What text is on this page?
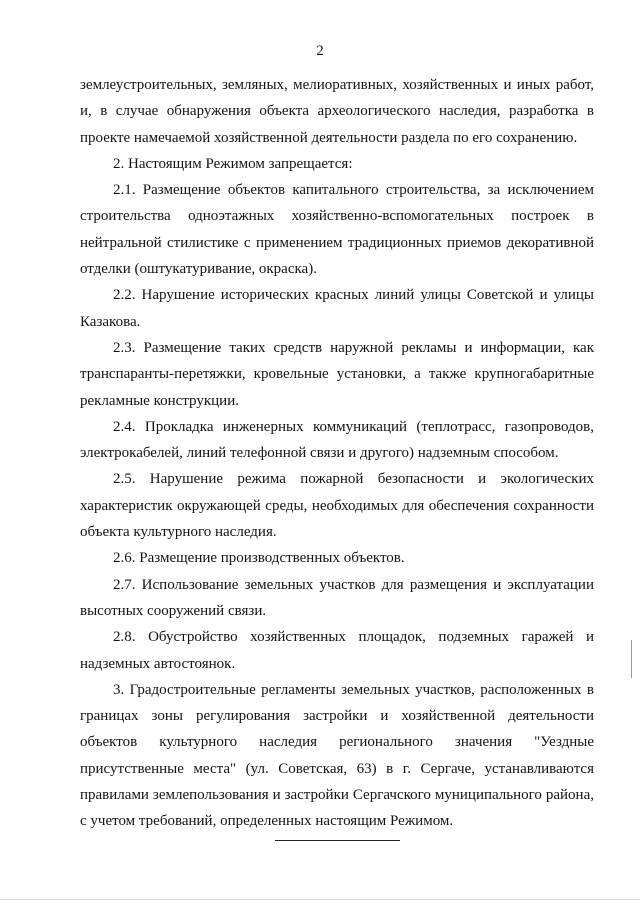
2

землеустроительных, земляных, мелиоративных, хозяйственных и иных работ, и, в случае обнаружения объекта археологического наследия, разработка в проекте намечаемой хозяйственной деятельности раздела по его сохранению.

2. Настоящим Режимом запрещается:

2.1. Размещение объектов капитального строительства, за исключением строительства одноэтажных хозяйственно-вспомогательных построек в нейтральной стилистике с применением традиционных приемов декоративной отделки (оштукатуривание, окраска).

2.2. Нарушение исторических красных линий улицы Советской и улицы Казакова.

2.3. Размещение таких средств наружной рекламы и информации, как транспаранты-перетяжки, кровельные установки, а также крупногабаритные рекламные конструкции.

2.4. Прокладка инженерных коммуникаций (теплотрасс, газопроводов, электрокабелей, линий телефонной связи и другого) надземным способом.

2.5. Нарушение режима пожарной безопасности и экологических характеристик окружающей среды, необходимых для обеспечения сохранности объекта культурного наследия.

2.6. Размещение производственных объектов.

2.7. Использование земельных участков для размещения и эксплуатации высотных сооружений связи.

2.8. Обустройство хозяйственных площадок, подземных гаражей и надземных автостоянок.

3. Градостроительные регламенты земельных участков, расположенных в границах зоны регулирования застройки и хозяйственной деятельности объектов культурного наследия регионального значения "Уездные присутственные места" (ул. Советская, 63) в г. Сергаче, устанавливаются правилами землепользования и застройки Сергачского муниципального района, с учетом требований, определенных настоящим Режимом.
